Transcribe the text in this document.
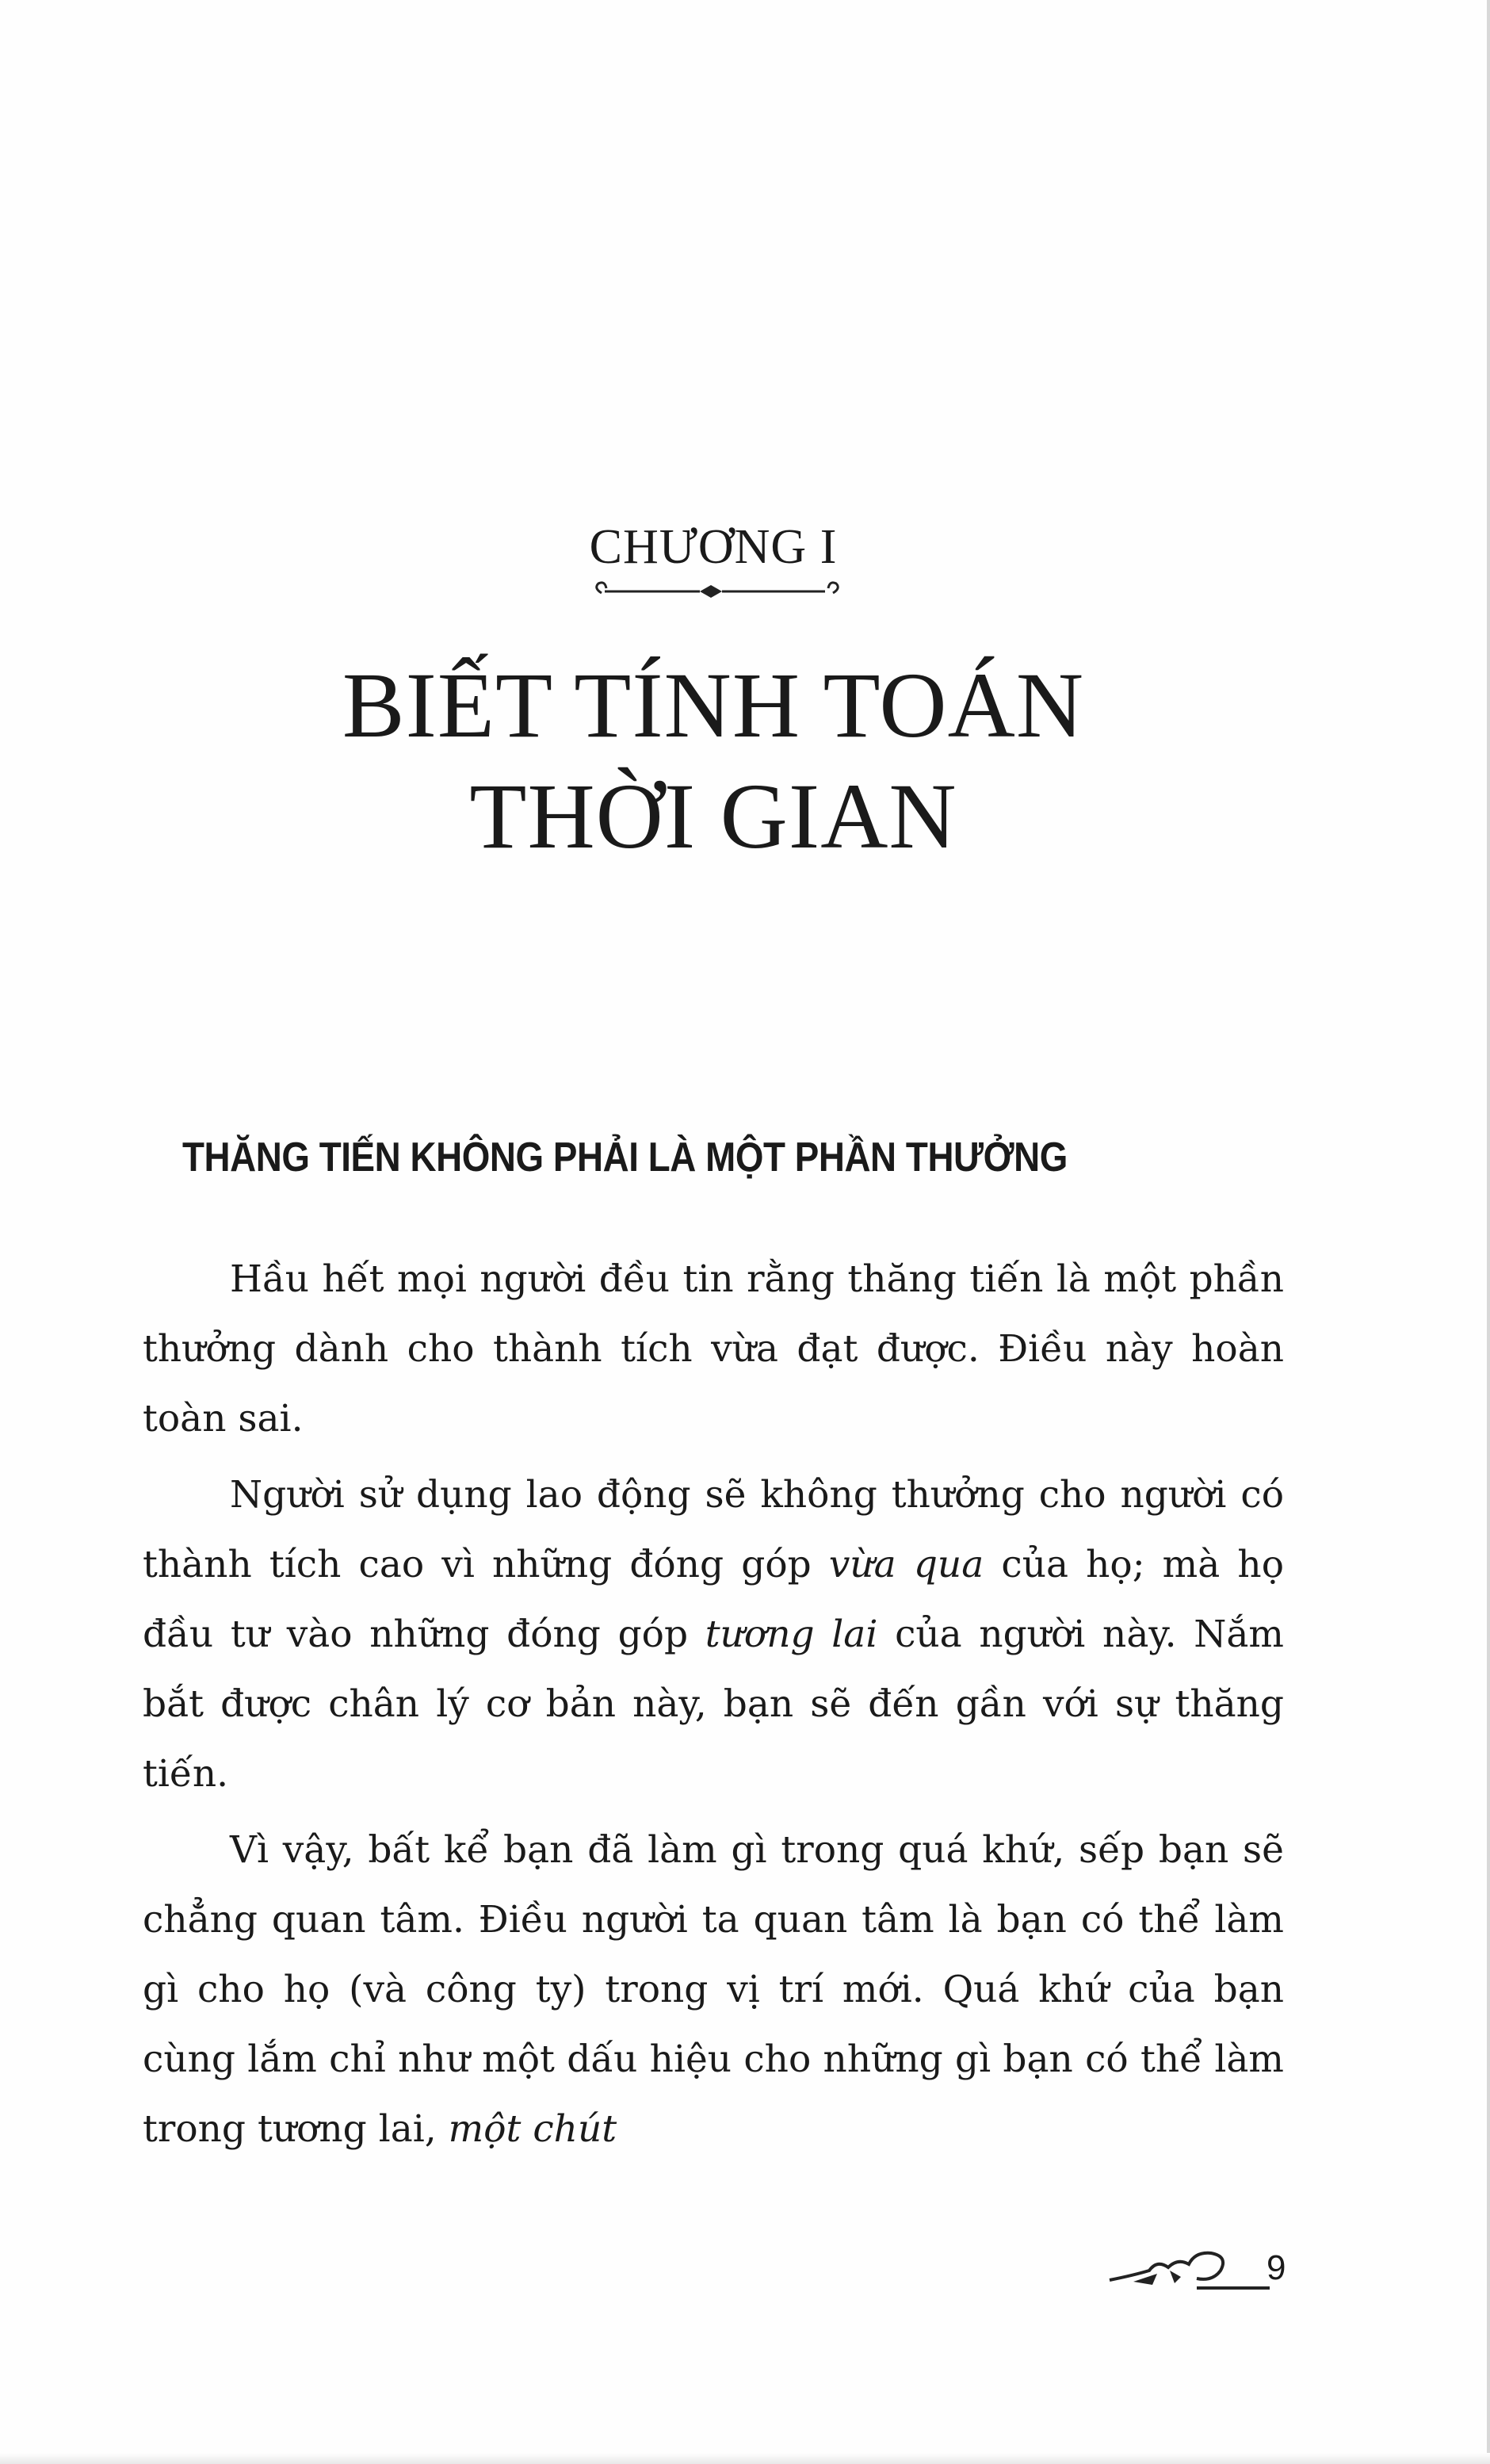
CHƯƠNG I
BIẾT TÍNH TOÁN
THỜI GIAN
THĂNG TIẾN KHÔNG PHẢI LÀ MỘT PHẦN THƯỞNG

Hầu hết mọi người đều tin rằng thăng tiến là một phần thưởng dành cho thành tích vừa đạt được. Điều này hoàn toàn sai.

Người sử dụng lao động sẽ không thưởng cho người có thành tích cao vì những đóng góp vừa qua của họ; mà họ đầu tư vào những đóng góp tương lai của người này. Nắm bắt được chân lý cơ bản này, bạn sẽ đến gần với sự thăng tiến.

Vì vậy, bất kể bạn đã làm gì trong quá khứ, sếp bạn sẽ chẳng quan tâm. Điều người ta quan tâm là bạn có thể làm gì cho họ (và công ty) trong vị trí mới. Quá khứ của bạn cùng lắm chỉ như một dấu hiệu cho những gì bạn có thể làm trong tương lai, một chút

9
